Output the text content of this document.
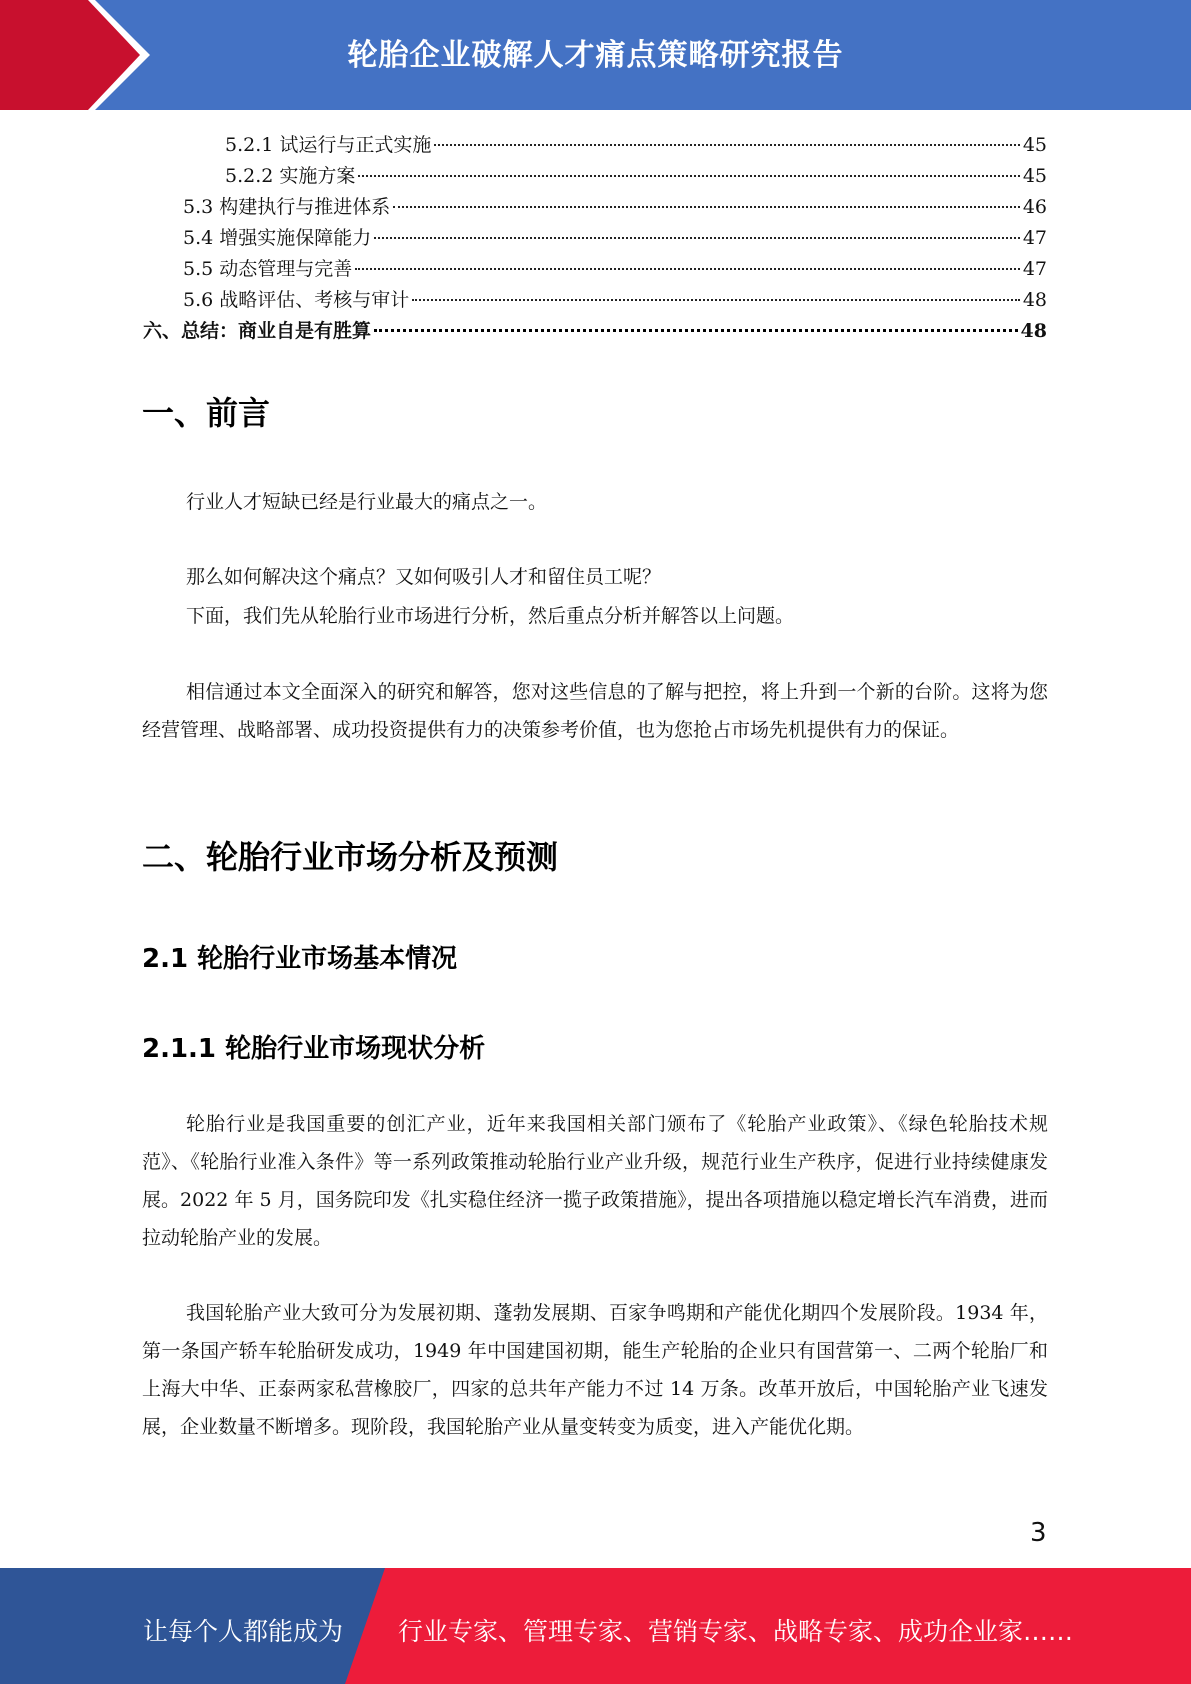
轮胎企业破解人才痛点策略研究报告
5.2.1 试运行与正式实施	45
5.2.2 实施方案	45
5.3 构建执行与推进体系	46
5.4 增强实施保障能力	47
5.5 动态管理与完善	47
5.6 战略评估、考核与审计	48
六、总结：商业自是有胜算	48
一、前言

行业人才短缺已经是行业最大的痛点之一。

那么如何解决这个痛点？又如何吸引人才和留住员工呢？

下面，我们先从轮胎行业市场进行分析，然后重点分析并解答以上问题。

相信通过本文全面深入的研究和解答，您对这些信息的了解与把控，将上升到一个新的台阶。这将为您经营管理、战略部署、成功投资提供有力的决策参考价值，也为您抢占市场先机提供有力的保证。

二、轮胎行业市场分析及预测
2.1 轮胎行业市场基本情况
2.1.1 轮胎行业市场现状分析

轮胎行业是我国重要的创汇产业，近年来我国相关部门颁布了《轮胎产业政策》、《绿色轮胎技术规范》、《轮胎行业准入条件》等一系列政策推动轮胎行业产业升级，规范行业生产秩序，促进行业持续健康发展。2022 年 5 月，国务院印发《扎实稳住经济一揽子政策措施》，提出各项措施以稳定增长汽车消费，进而拉动轮胎产业的发展。

我国轮胎产业大致可分为发展初期、蓬勃发展期、百家争鸣期和产能优化期四个发展阶段。1934 年，第一条国产轿车轮胎研发成功，1949 年中国建国初期，能生产轮胎的企业只有国营第一、二两个轮胎厂和上海大中华、正泰两家私营橡胶厂，四家的总共年产能力不过 14 万条。改革开放后，中国轮胎产业飞速发展，企业数量不断增多。现阶段，我国轮胎产业从量变转变为质变，进入产能优化期。

3
让每个人都能成为 行业专家、管理专家、营销专家、战略专家、成功企业家……
